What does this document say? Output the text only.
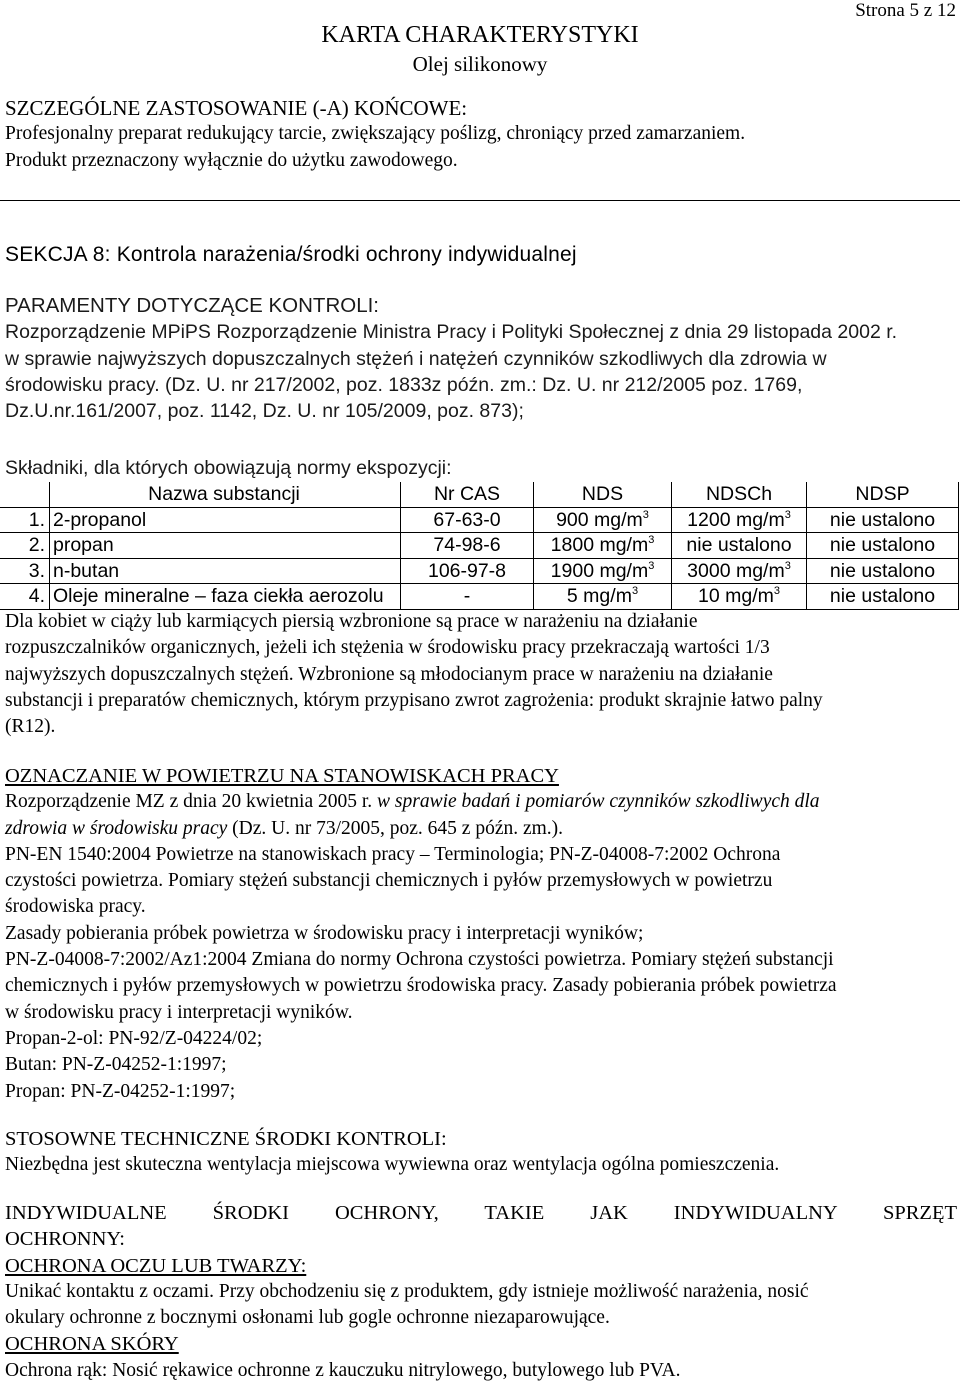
Strona 5 z 12
KARTA CHARAKTERYSTYKI
Olej silikonowy

SZCZEGÓLNE ZASTOSOWANIE (-A) KOŃCOWE:

Profesjonalny preparat redukujący tarcie, zwiększający poślizg, chroniący przed zamarzaniem.

Produkt przeznaczony wyłącznie do użytku zawodowego.

SEKCJA 8: Kontrola narażenia/środki ochrony indywidualnej

PARAMENTY DOTYCZĄCE KONTROLI:

Rozporządzenie MPiPS Rozporządzenie Ministra Pracy i Polityki Społecznej z dnia 29 listopada 2002 r.

w sprawie najwyższych dopuszczalnych stężeń i natężeń czynników szkodliwych dla zdrowia w

środowisku pracy. (Dz. U. nr 217/2002, poz. 1833z późn. zm.: Dz. U. nr 212/2005 poz. 1769,

Dz.U.nr.161/2007, poz. 1142, Dz. U. nr 105/2009, poz. 873);

Składniki, dla których obowiązują normy ekspozycji:
	Nazwa substancji	Nr CAS	NDS	NDSCh	NDSP
1.	2-propanol	67-63-0	900 $mg/m^3$	1200 $mg/m^3$	nie ustalono
2.	propan	74-98-6	1800 $mg/m^3$	nie ustalono	nie ustalono
3.	n-butan	106-97-8	1900 $mg/m^3$	3000 $mg/m^3$	nie ustalono
4.	Oleje mineralne – faza ciekła aerozolu	-	5 $mg/m^3$	10 $mg/m^3$	nie ustalono

Dla kobiet w ciąży lub karmiących piersią wzbronione są prace w narażeniu na działanie

rozpuszczalników organicznych, jeżeli ich stężenia w środowisku pracy przekraczają wartości 1/3

najwyższych dopuszczalnych stężeń. Wzbronione są młodocianym prace w narażeniu na działanie

substancji i preparatów chemicznych, którym przypisano zwrot zagrożenia: produkt skrajnie łatwo palny

(R12).

OZNACZANIE W POWIETRZU NA STANOWISKACH PRACY

Rozporządzenie MZ z dnia 20 kwietnia 2005 r. w sprawie badań i pomiarów czynników szkodliwych dla

zdrowia w środowisku pracy (Dz. U. nr 73/2005, poz. 645 z późn. zm.).

PN-EN 1540:2004 Powietrze na stanowiskach pracy – Terminologia; PN-Z-04008-7:2002 Ochrona

czystości powietrza. Pomiary stężeń substancji chemicznych i pyłów przemysłowych w powietrzu

środowiska pracy.

Zasady pobierania próbek powietrza w środowisku pracy i interpretacji wyników;

PN-Z-04008-7:2002/Az1:2004 Zmiana do normy Ochrona czystości powietrza. Pomiary stężeń substancji

chemicznych i pyłów przemysłowych w powietrzu środowiska pracy. Zasady pobierania próbek powietrza

w środowisku pracy i interpretacji wyników.

Propan-2-ol: PN-92/Z-04224/02;

Butan: PN-Z-04252-1:1997;

Propan: PN-Z-04252-1:1997;

STOSOWNE TECHNICZNE ŚRODKI KONTROLI:

Niezbędna jest skuteczna wentylacja miejscowa wywiewna oraz wentylacja ogólna pomieszczenia.

INDYWIDUALNE ŚRODKI OCHRONY, TAKIE JAK INDYWIDUALNY SPRZĘT

OCHRONNY:

OCHRONA OCZU LUB TWARZY:

Unikać kontaktu z oczami. Przy obchodzeniu się z produktem, gdy istnieje możliwość narażenia, nosić

okulary ochronne z bocznymi osłonami lub gogle ochronne niezaparowujące.

OCHRONA SKÓRY

Ochrona rąk: Nosić rękawice ochronne z kauczuku nitrylowego, butylowego lub PVA.
